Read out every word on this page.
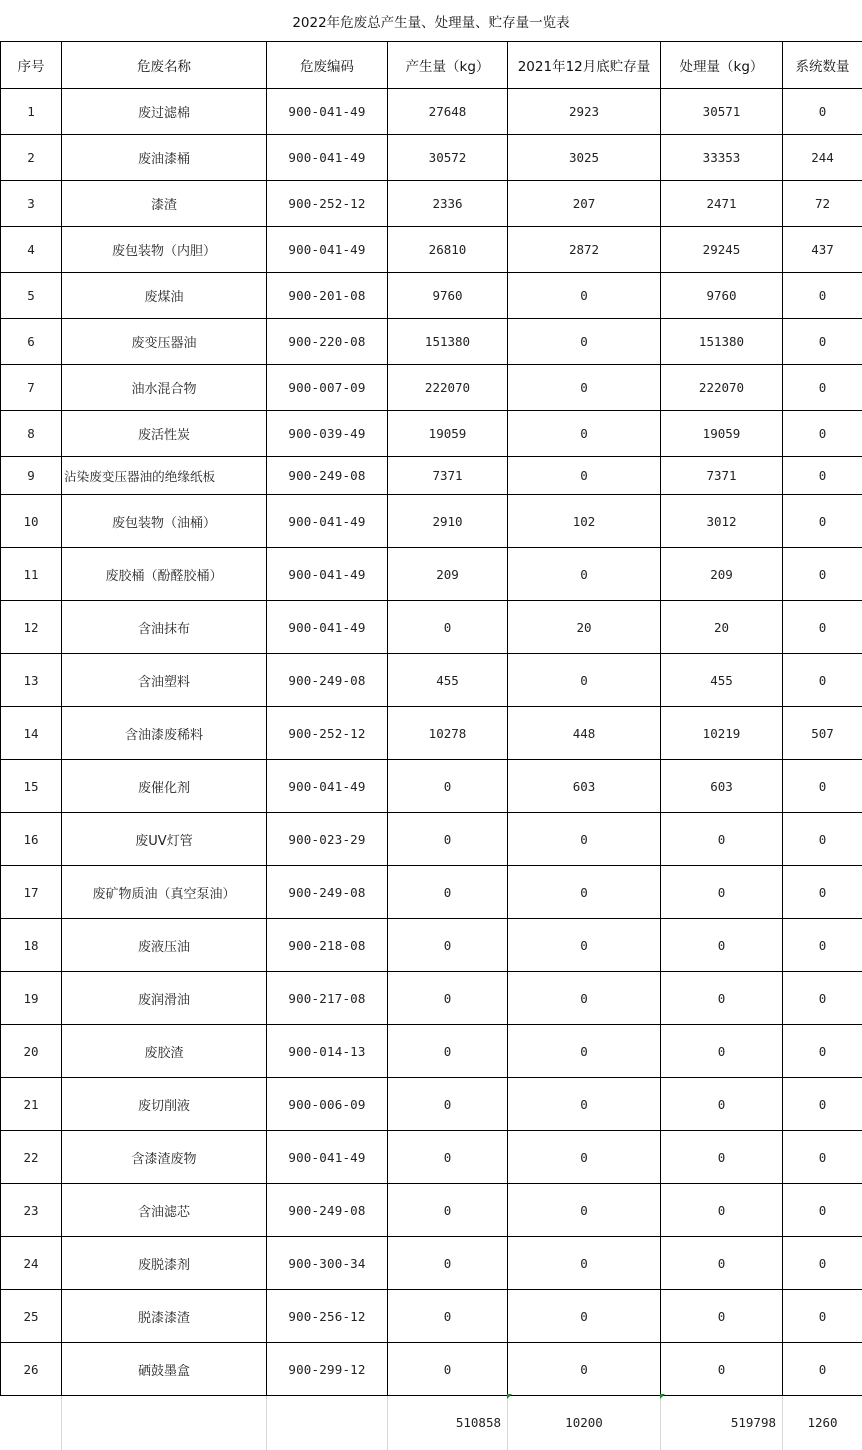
2022年危废总产生量、处理量、贮存量一览表
序号	危废名称	危废编码	产生量（kg）	2021年12月底贮存量	处理量（kg）	系统数量
1	废过滤棉	900-041-49	27648	2923	30571	0
2	废油漆桶	900-041-49	30572	3025	33353	244
3	漆渣	900-252-12	2336	207	2471	72
4	废包装物（内胆）	900-041-49	26810	2872	29245	437
5	废煤油	900-201-08	9760	0	9760	0
6	废变压器油	900-220-08	151380	0	151380	0
7	油水混合物	900-007-09	222070	0	222070	0
8	废活性炭	900-039-49	19059	0	19059	0
9	沾染废变压器油的绝缘纸板	900-249-08	7371	0	7371	0
10	废包装物（油桶）	900-041-49	2910	102	3012	0
11	废胶桶（酚醛胶桶）	900-041-49	209	0	209	0
12	含油抹布	900-041-49	0	20	20	0
13	含油塑料	900-249-08	455	0	455	0
14	含油漆废稀料	900-252-12	10278	448	10219	507
15	废催化剂	900-041-49	0	603	603	0
16	废UV灯管	900-023-29	0	0	0	0
17	废矿物质油（真空泵油）	900-249-08	0	0	0	0
18	废液压油	900-218-08	0	0	0	0
19	废润滑油	900-217-08	0	0	0	0
20	废胶渣	900-014-13	0	0	0	0
21	废切削液	900-006-09	0	0	0	0
22	含漆渣废物	900-041-49	0	0	0	0
23	含油滤芯	900-249-08	0	0	0	0
24	废脱漆剂	900-300-34	0	0	0	0
25	脱漆漆渣	900-256-12	0	0	0	0
26	硒鼓墨盒	900-299-12	0	0	0	0
			510858	10200	519798	1260
